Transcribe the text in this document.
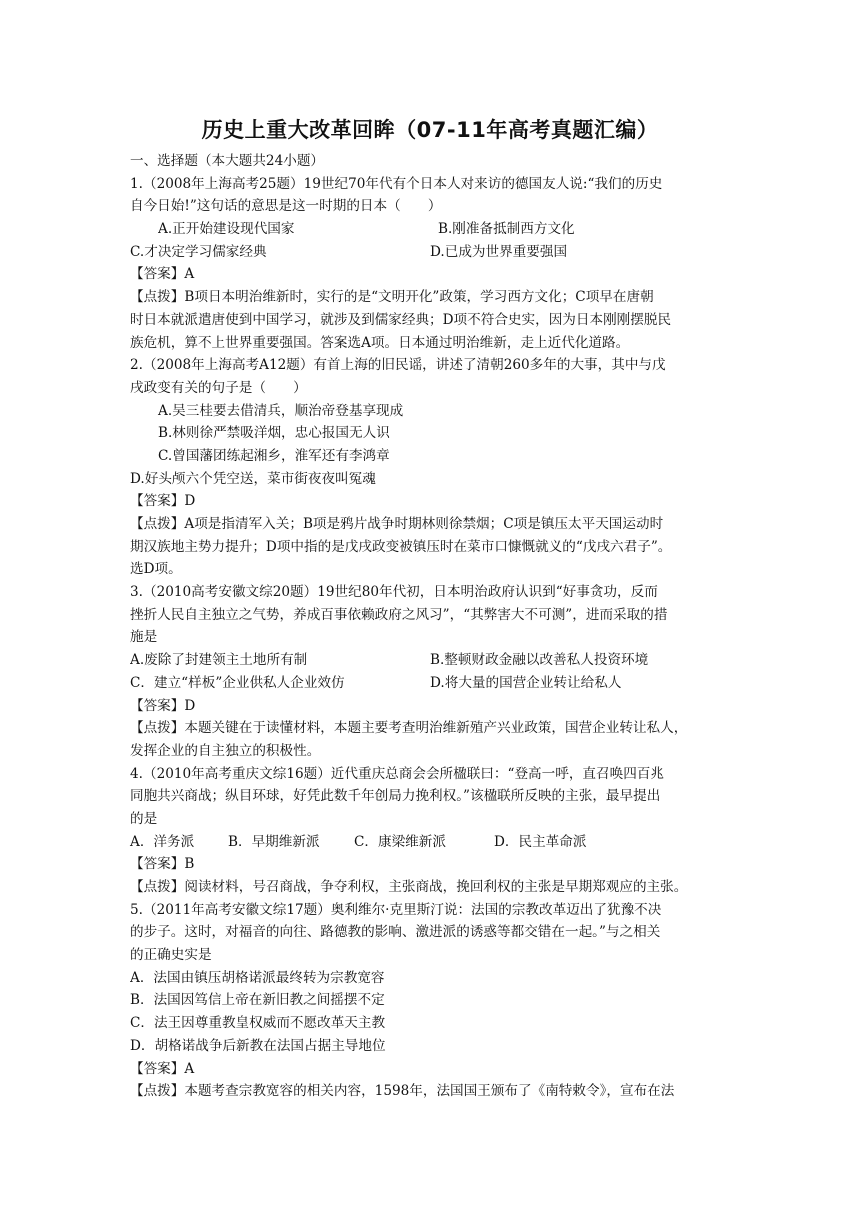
历史上重大改革回眸（07-11年高考真题汇编）
一、选择题（本大题共24小题）
1.（2008年上海高考25题）19世纪70年代有个日本人对来访的德国友人说:“我们的历史
自今日始!”这句话的意思是这一时期的日本（　　）
A.正开始建设现代国家	B.刚准备抵制西方文化
C.才决定学习儒家经典	D.已成为世界重要强国
【答案】A
【点拨】B项日本明治维新时，实行的是“文明开化”政策，学习西方文化；C项早在唐朝
时日本就派遣唐使到中国学习，就涉及到儒家经典；D项不符合史实，因为日本刚刚摆脱民
族危机，算不上世界重要强国。答案选A项。日本通过明治维新，走上近代化道路。
2.（2008年上海高考A12题）有首上海的旧民谣，讲述了清朝260多年的大事，其中与戊
戌政变有关的句子是（　　）
A.吴三桂要去借清兵，顺治帝登基享现成
B.林则徐严禁吸洋烟，忠心报国无人识
C.曾国藩团练起湘乡，淮军还有李鸿章
D.好头颅六个凭空送，菜市街夜夜叫冤魂
【答案】D
【点拨】A项是指清军入关；B项是鸦片战争时期林则徐禁烟；C项是镇压太平天国运动时
期汉族地主势力提升；D项中指的是戊戌政变被镇压时在菜市口慷慨就义的“戊戌六君子”。
选D项。
3.（2010高考安徽文综20题）19世纪80年代初，日本明治政府认识到“好事贪功，反而
挫折人民自主独立之气势，养成百事依赖政府之风习”，“其弊害大不可测”，进而采取的措
施是
A.废除了封建领主土地所有制	B.整顿财政金融以改善私人投资环境
C．建立“样板”企业供私人企业效仿	D.将大量的国营企业转让给私人
【答案】D
【点拨】本题关键在于读懂材料，本题主要考查明治维新殖产兴业政策，国营企业转让私人，
发挥企业的自主独立的积极性。
4.（2010年高考重庆文综16题）近代重庆总商会会所楹联曰：“登高一呼，直召唤四百兆
同胞共兴商战；纵目环球，好凭此数千年创局力挽利权。”该楹联所反映的主张，最早提出
的是
A．洋务派	B．早期维新派	C．康梁维新派	D．民主革命派
【答案】B
【点拨】阅读材料，号召商战，争夺利权，主张商战，挽回利权的主张是早期郑观应的主张。
5.（2011年高考安徽文综17题）奥利维尔·克里斯汀说：法国的宗教改革迈出了犹豫不决
的步子。这时，对福音的向往、路德教的影响、激进派的诱惑等都交错在一起。”与之相关
的正确史实是
A．法国由镇压胡格诺派最终转为宗教宽容
B．法国因笃信上帝在新旧教之间摇摆不定
C．法王因尊重教皇权威而不愿改革天主教
D．胡格诺战争后新教在法国占据主导地位
【答案】A
【点拨】本题考查宗教宽容的相关内容，1598年，法国国王颁布了《南特敕令》，宣布在法
